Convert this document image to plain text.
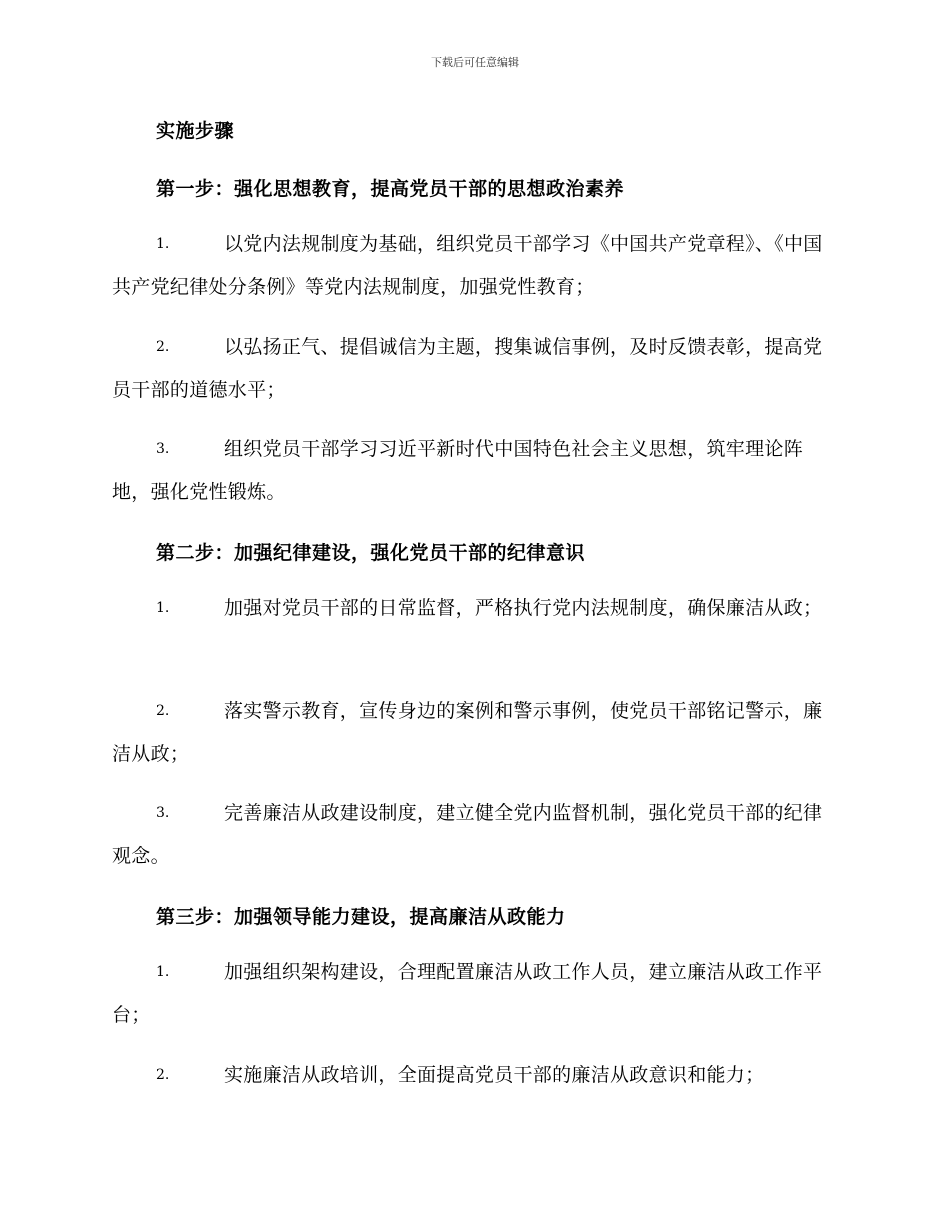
下载后可任意编辑
实施步骤
第一步：强化思想教育，提高党员干部的思想政治素养
1.	以党内法规制度为基础，组织党员干部学习《中国共产党章程》、《中国共产党纪律处分条例》等党内法规制度，加强党性教育；
2.	以弘扬正气、提倡诚信为主题，搜集诚信事例，及时反馈表彰，提高党员干部的道德水平；
3.	组织党员干部学习习近平新时代中国特色社会主义思想，筑牢理论阵地，强化党性锻炼。
第二步：加强纪律建设，强化党员干部的纪律意识
1.	加强对党员干部的日常监督，严格执行党内法规制度，确保廉洁从政；
2.	落实警示教育，宣传身边的案例和警示事例，使党员干部铭记警示，廉洁从政；
3.	完善廉洁从政建设制度，建立健全党内监督机制，强化党员干部的纪律观念。
第三步：加强领导能力建设，提高廉洁从政能力
1.	加强组织架构建设，合理配置廉洁从政工作人员，建立廉洁从政工作平台；
2.	实施廉洁从政培训，全面提高党员干部的廉洁从政意识和能力；
